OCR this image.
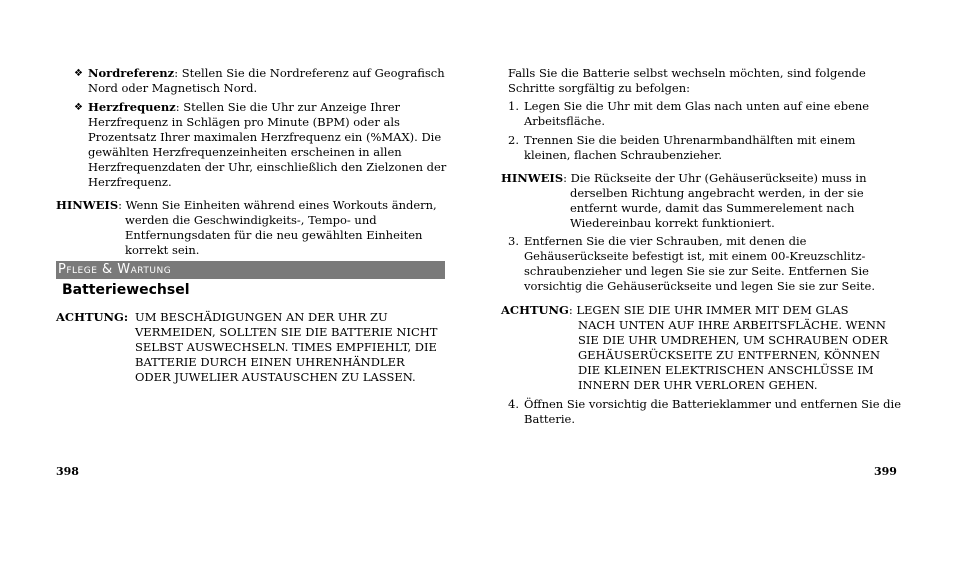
❖ Nordreferenz: Stellen Sie die Nordreferenz auf Geografisch

Nord oder Magnetisch Nord.

❖ Herzfrequenz: Stellen Sie die Uhr zur Anzeige Ihrer

Herzfrequenz in Schlägen pro Minute (BPM) oder als

Prozentsatz Ihrer maximalen Herzfrequenz ein (%MAX). Die

gewählten Herzfrequenzeinheiten erscheinen in allen

Herzfrequenzdaten der Uhr, einschließlich den Zielzonen der

Herzfrequenz.

HINWEIS: Wenn Sie Einheiten während eines Workouts ändern,

werden die Geschwindigkeits-, Tempo- und

Entfernungsdaten für die neu gewählten Einheiten

korrekt sein.

Pflege & Wartung
Batteriewechsel
ACHTUNG: UM BESCHÄDIGUNGEN AN DER UHR ZU

VERMEIDEN, SOLLTEN SIE DIE BATTERIE NICHT

SELBST AUSWECHSELN. TIMES EMPFIEHLT, DIE

BATTERIE DURCH EINEN UHRENHÄNDLER

ODER JUWELIER AUSTAUSCHEN ZU LASSEN.

398

Falls Sie die Batterie selbst wechseln möchten, sind folgende

Schritte sorgfältig zu befolgen:

1. Legen Sie die Uhr mit dem Glas nach unten auf eine ebene

Arbeitsfläche.

2. Trennen Sie die beiden Uhrenarmbandhälften mit einem

kleinen, flachen Schraubenzieher.

HINWEIS: Die Rückseite der Uhr (Gehäuserückseite) muss in

derselben Richtung angebracht werden, in der sie

entfernt wurde, damit das Summerelement nach

Wiedereinbau korrekt funktioniert.

3. Entfernen Sie die vier Schrauben, mit denen die

Gehäuserückseite befestigt ist, mit einem 00-Kreuzschlitz-

schraubenzieher und legen Sie sie zur Seite. Entfernen Sie

vorsichtig die Gehäuserückseite und legen Sie sie zur Seite.

ACHTUNG: LEGEN SIE DIE UHR IMMER MIT DEM GLAS

NACH UNTEN AUF IHRE ARBEITSFLÄCHE. WENN

SIE DIE UHR UMDREHEN, UM SCHRAUBEN ODER

GEHÄUSERÜCKSEITE ZU ENTFERNEN, KÖNNEN

DIE KLEINEN ELEKTRISCHEN ANSCHLÜSSE IM

INNERN DER UHR VERLOREN GEHEN.

4. Öffnen Sie vorsichtig die Batterieklammer und entfernen Sie die

Batterie.

399
